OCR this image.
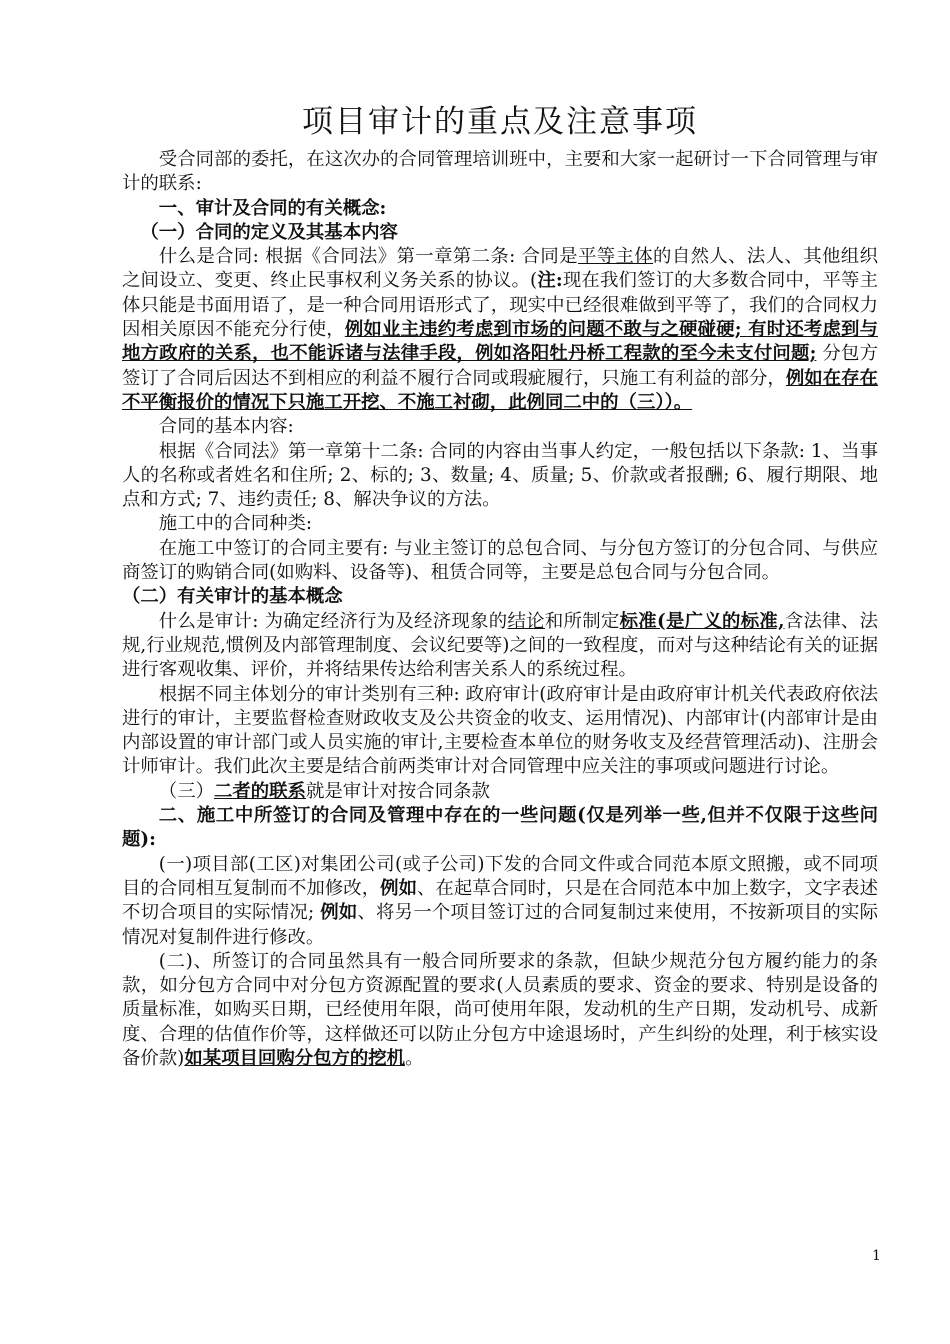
项目审计的重点及注意事项

受合同部的委托，在这次办的合同管理培训班中，主要和大家一起研讨一下合同管理与审计的联系:

一、审计及合同的有关概念:

（一）合同的定义及其基本内容

什么是合同: 根据《合同法》第一章第二条: 合同是平等主体的自然人、法人、其他组织之间设立、变更、终止民事权利义务关系的协议。(注:现在我们签订的大多数合同中，平等主体只能是书面用语了，是一种合同用语形式了，现实中已经很难做到平等了，我们的合同权力因相关原因不能充分行使，例如业主违约考虑到市场的问题不敢与之硬碰硬; 有时还考虑到与地方政府的关系，也不能诉诸与法律手段，例如洛阳牡丹桥工程款的至今未支付问题; 分包方签订了合同后因达不到相应的利益不履行合同或瑕疵履行，只施工有利益的部分，例如在存在不平衡报价的情况下只施工开挖、不施工衬砌，此例同二中的（三））。

合同的基本内容:

根据《合同法》第一章第十二条: 合同的内容由当事人约定，一般包括以下条款: 1、当事人的名称或者姓名和住所; 2、标的; 3、数量; 4、质量; 5、价款或者报酬; 6、履行期限、地点和方式; 7、违约责任; 8、解决争议的方法。

施工中的合同种类:

在施工中签订的合同主要有: 与业主签订的总包合同、与分包方签订的分包合同、与供应商签订的购销合同(如购料、设备等)、租赁合同等，主要是总包合同与分包合同。

（二）有关审计的基本概念

什么是审计: 为确定经济行为及经济现象的结论和所制定标准(是广义的标准,含法律、法规,行业规范,惯例及内部管理制度、会议纪要等)之间的一致程度，而对与这种结论有关的证据进行客观收集、评价，并将结果传达给利害关系人的系统过程。

根据不同主体划分的审计类别有三种: 政府审计(政府审计是由政府审计机关代表政府依法进行的审计，主要监督检查财政收支及公共资金的收支、运用情况)、内部审计(内部审计是由内部设置的审计部门或人员实施的审计,主要检查本单位的财务收支及经营管理活动)、注册会计师审计。我们此次主要是结合前两类审计对合同管理中应关注的事项或问题进行讨论。

（三）二者的联系就是审计对按合同条款

二、施工中所签订的合同及管理中存在的一些问题(仅是列举一些,但并不仅限于这些问题):

(一)项目部(工区)对集团公司(或子公司)下发的合同文件或合同范本原文照搬，或不同项目的合同相互复制而不加修改，例如、在起草合同时，只是在合同范本中加上数字，文字表述不切合项目的实际情况; 例如、将另一个项目签订过的合同复制过来使用，不按新项目的实际情况对复制件进行修改。

(二)、所签订的合同虽然具有一般合同所要求的条款，但缺少规范分包方履约能力的条款，如分包方合同中对分包方资源配置的要求(人员素质的要求、资金的要求、特别是设备的质量标准，如购买日期，已经使用年限，尚可使用年限，发动机的生产日期，发动机号、成新度、合理的估值作价等，这样做还可以防止分包方中途退场时，产生纠纷的处理，利于核实设备价款)如某项目回购分包方的挖机。

1
